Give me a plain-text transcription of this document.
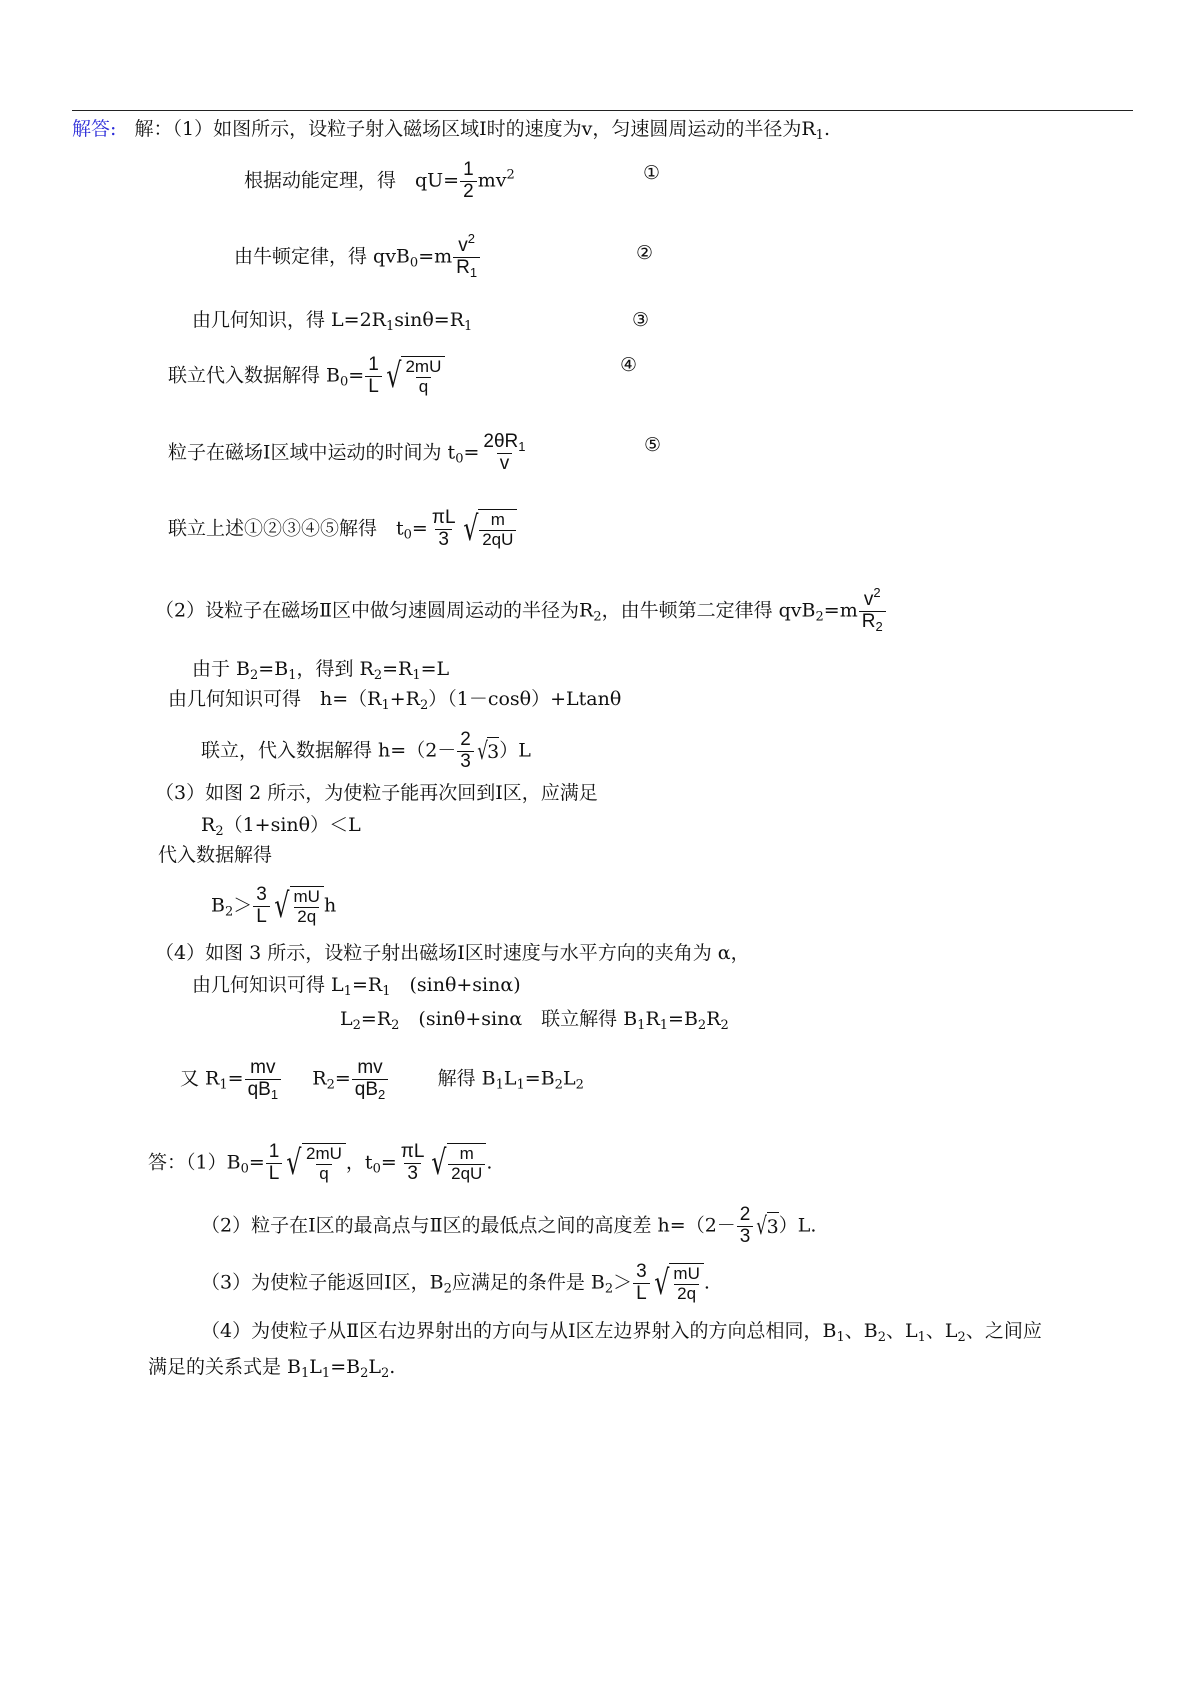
解答: 解：（1）如图所示，设粒子射入磁场区域Ⅰ时的速度为v，匀速圆周运动的半径为$R_1$.
根据动能定理，得　$qU= \frac{1}{2} mv^2$	①
由牛顿定律，得 $qvB_0=m \frac{v^2}{R_1}$	②
由几何知识，得 $L=2R_1\sin\theta=R_1$	③
联立代入数据解得 $B_0= \frac{1}{L}$ √ $\frac{2mU}{q}$	④
粒子在磁场Ⅰ区域中运动的时间为 $t_0= \frac{2\theta R_1}{v}$	⑤
联立上述①②③④⑤解得　$t_0= \frac{\pi L}{3}$ √ $\frac{m}{2qU}$
（2）设粒子在磁场Ⅱ区中做匀速圆周运动的半径为$R_2$，由牛顿第二定律得 $qvB_2=m \frac{v^2}{R_2}$
由于 $B_2=B_1$，得到 $R_2=R_1=L$
由几何知识可得　$h=(R_1+R_2)(1-\cos\theta)+Ltan\theta$
联立，代入数据解得 $h=(2- \frac{2}{3}$ √ 3 ）L
（3）如图 2 所示，为使粒子能再次回到Ⅰ区，应满足
$R_2(1+\sin\theta)<L$
代入数据解得
$B_2> \frac{3}{L}$ √ $\frac{mU}{2q}$ h
（4）如图 3 所示，设粒子射出磁场Ⅰ区时速度与水平方向的夹角为 α，
由几何知识可得 $L_1=R_1$　(sinθ+sinα)
$L_2=R_2$　(sinθ+sinα　联立解得 $B_1R_1=B_2R_2$
又 $R_1= \frac{mv}{qB_1} R_2= \frac{mv}{qB_2}$	解得 $B_1L_1=B_2L_2$
答：$(1)B_0= \frac{1}{L}$ √ $\frac{2mU}{q}$ ，$t_0= \frac{\pi L}{3}$ √ $\frac{m}{2qU}$ .
（2）粒子在Ⅰ区的最高点与Ⅱ区的最低点之间的高度差 $h=(2- \frac{2}{3}$ √ 3 ）L.
（3）为使粒子能返回Ⅰ区，$B_2$应满足的条件是 $B_2> \frac{3}{L}$ √ $\frac{mU}{2q}$ .
（4）为使粒子从Ⅱ区右边界射出的方向与从Ⅰ区左边界射入的方向总相同，$B_1$、$B_2$、$L_1$、$L_2$、之间应
满足的关系式是 $B_1L_1=B_2L_2$.
